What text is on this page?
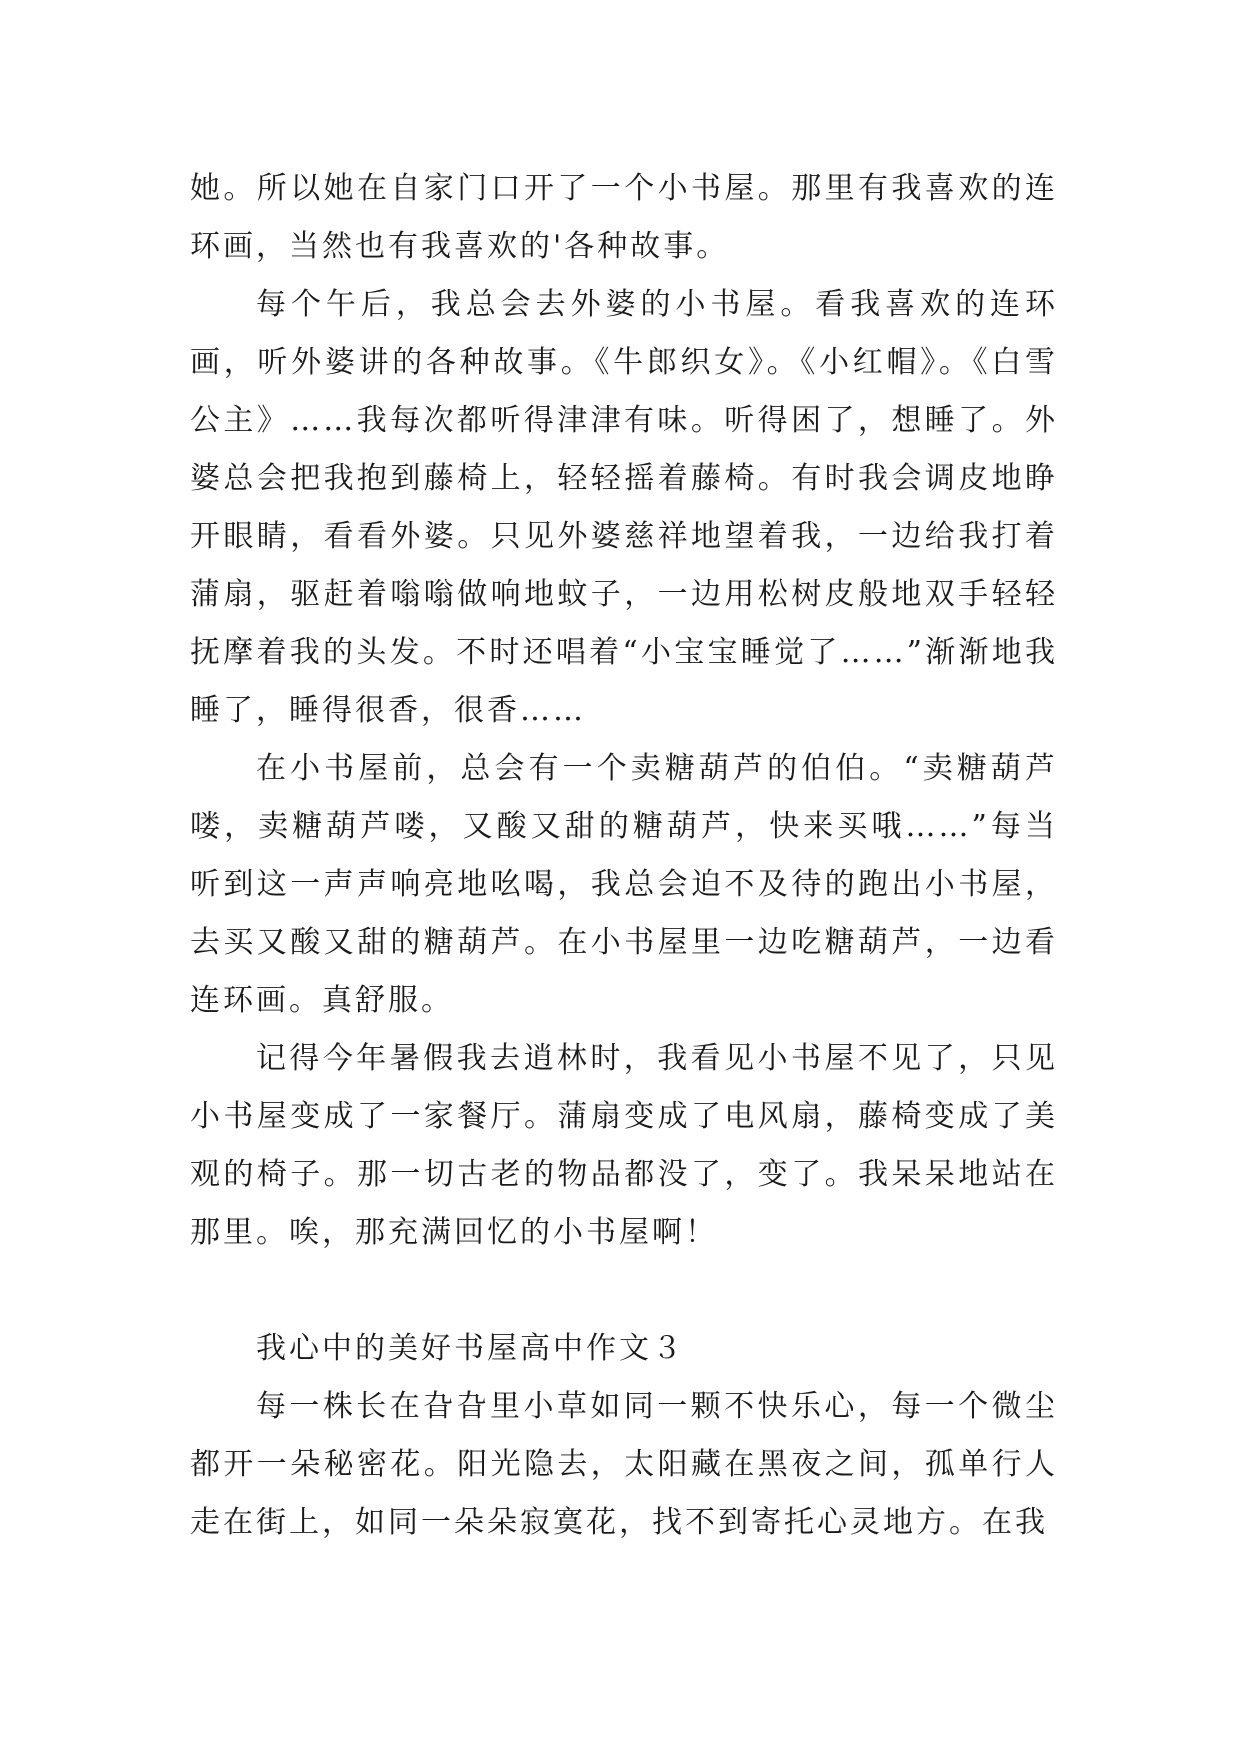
她。所以她在自家门口开了一个小书屋。那里有我喜欢的连环画，当然也有我喜欢的'各种故事。

每个午后，我总会去外婆的小书屋。看我喜欢的连环画，听外婆讲的各种故事。《牛郎织女》。《小红帽》。《白雪公主》……我每次都听得津津有味。听得困了，想睡了。外婆总会把我抱到藤椅上，轻轻摇着藤椅。有时我会调皮地睁开眼睛，看看外婆。只见外婆慈祥地望着我，一边给我打着蒲扇，驱赶着嗡嗡做响地蚊子，一边用松树皮般地双手轻轻抚摩着我的头发。不时还唱着“小宝宝睡觉了……”渐渐地我睡了，睡得很香，很香……

在小书屋前，总会有一个卖糖葫芦的伯伯。“卖糖葫芦喽，卖糖葫芦喽，又酸又甜的糖葫芦，快来买哦……”每当听到这一声声响亮地吆喝，我总会迫不及待的跑出小书屋，去买又酸又甜的糖葫芦。在小书屋里一边吃糖葫芦，一边看连环画。真舒服。

记得今年暑假我去逍林时，我看见小书屋不见了，只见小书屋变成了一家餐厅。蒲扇变成了电风扇，藤椅变成了美观的椅子。那一切古老的物品都没了，变了。我呆呆地站在那里。唉，那充满回忆的小书屋啊！

我心中的美好书屋高中作文３

每一株长在旮旮里小草如同一颗不快乐心，每一个微尘都开一朵秘密花。阳光隐去，太阳藏在黑夜之间，孤单行人走在街上，如同一朵朵寂寞花，找不到寄托心灵地方。在我
